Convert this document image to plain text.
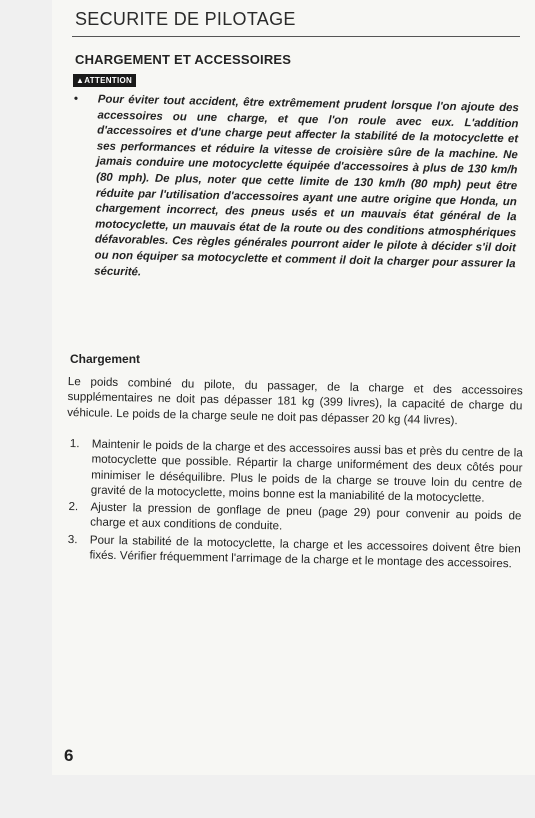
SECURITE DE PILOTAGE
CHARGEMENT ET ACCESSOIRES
▲ATTENTION
•	Pour éviter tout accident, être extrêmement prudent lorsque l'on ajoute des accessoires ou une charge, et que l'on roule avec eux. L'addition d'accessoires et d'une charge peut affecter la stabilité de la motocyclette et ses performances et réduire la vitesse de croisière sûre de la machine. Ne jamais conduire une motocyclette équipée d'accessoires à plus de 130 km/h (80 mph). De plus, noter que cette limite de 130 km/h (80 mph) peut être réduite par l'utilisation d'accessoires ayant une autre origine que Honda, un chargement incorrect, des pneus usés et un mauvais état général de la motocyclette, un mauvais état de la route ou des conditions atmosphériques défavorables. Ces règles générales pourront aider le pilote à décider s'il doit ou non équiper sa motocyclette et comment il doit la charger pour assurer la sécurité.
Chargement
Le poids combiné du pilote, du passager, de la charge et des accessoires supplémentaires ne doit pas dépasser 181 kg (399 livres), la capacité de charge du véhicule. Le poids de la charge seule ne doit pas dépasser 20 kg (44 livres).
1. Maintenir le poids de la charge et des accessoires aussi bas et près du centre de la motocyclette que possible. Répartir la charge uniformément des deux côtés pour minimiser le déséquilibre. Plus le poids de la charge se trouve loin du centre de gravité de la motocyclette, moins bonne est la maniabilité de la motocyclette.
2. Ajuster la pression de gonflage de pneu (page 29) pour convenir au poids de charge et aux conditions de conduite.
3. Pour la stabilité de la motocyclette, la charge et les accessoires doivent être bien fixés. Vérifier fréquemment l'arrimage de la charge et le montage des accessoires.
6
